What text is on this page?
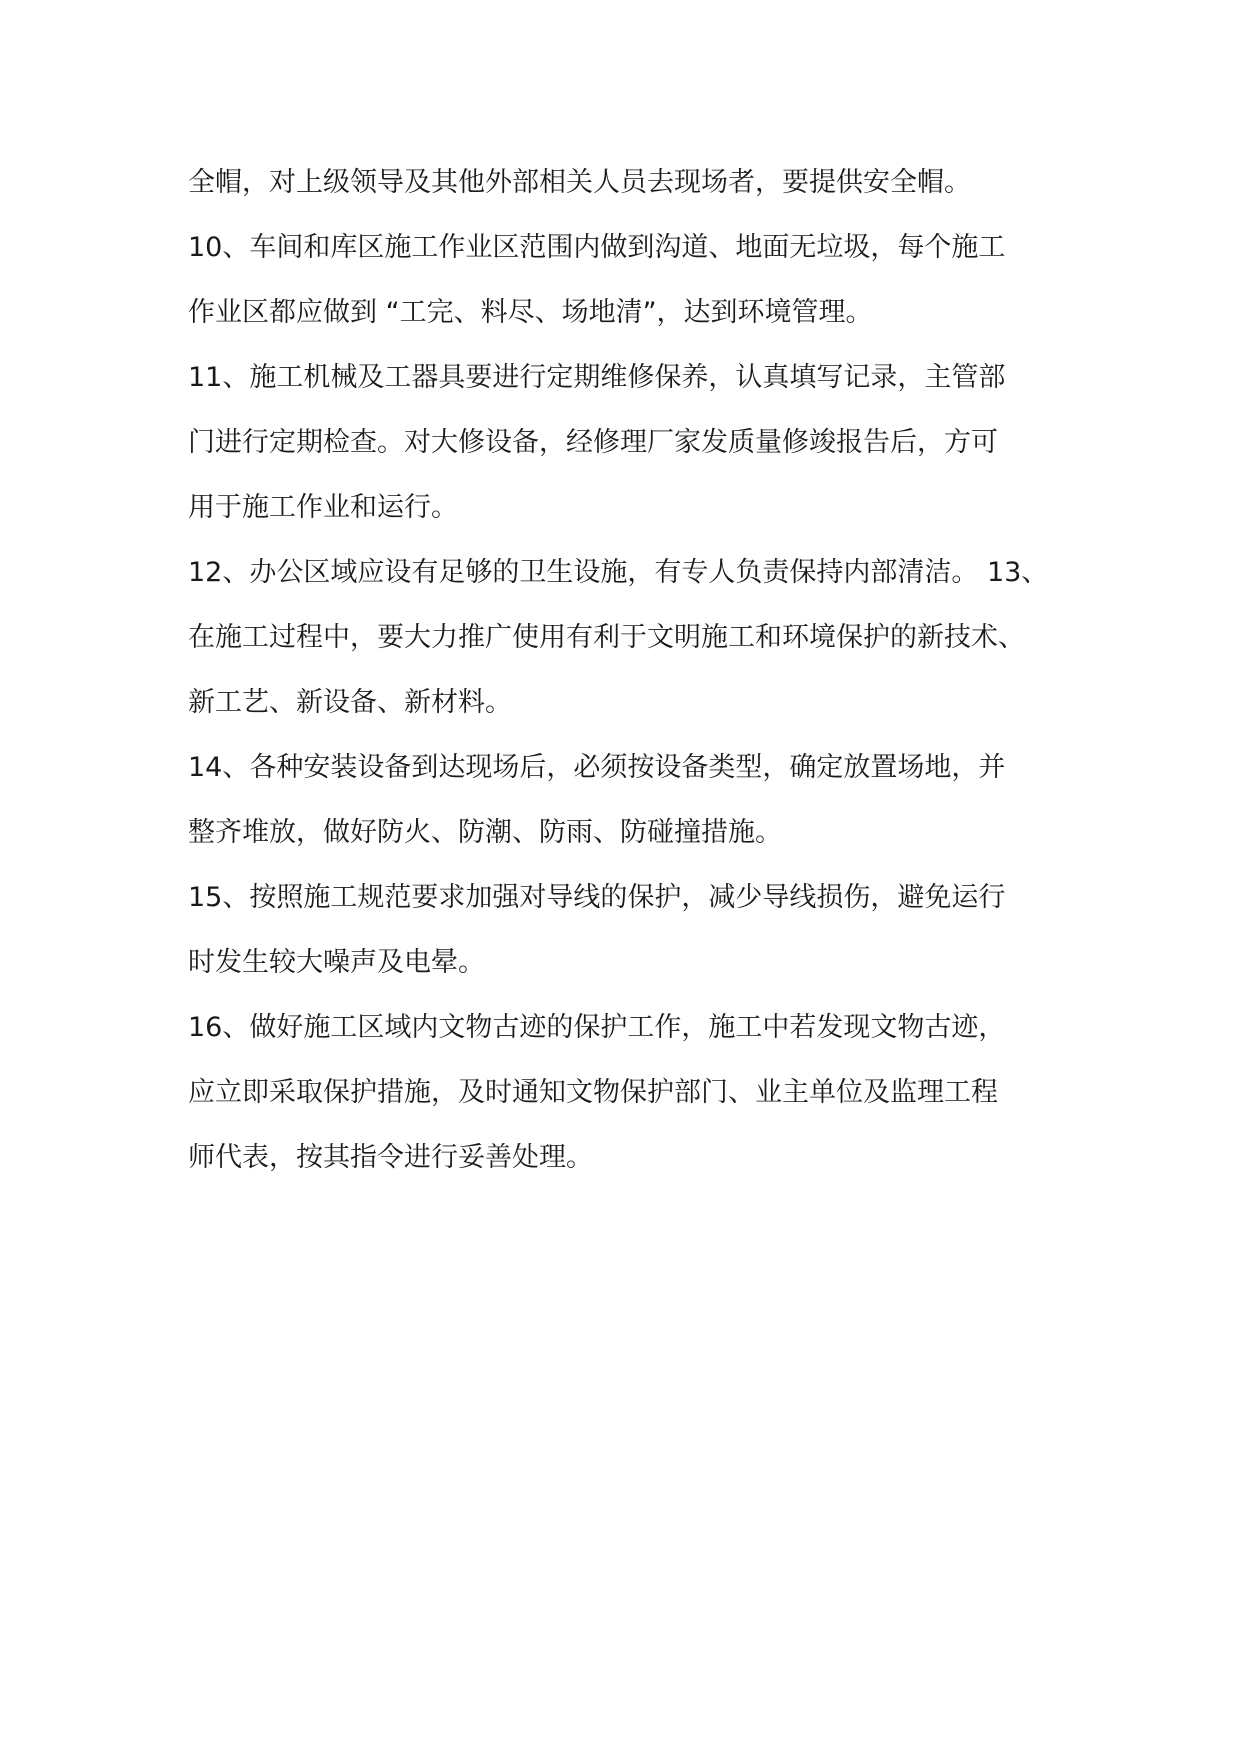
全帽，对上级领导及其他外部相关人员去现场者，要提供安全帽。
10、车间和库区施工作业区范围内做到沟道、地面无垃圾，每个施工
作业区都应做到 “工完、料尽、场地清”，达到环境管理。
11、施工机械及工器具要进行定期维修保养，认真填写记录，主管部
门进行定期检查。对大修设备，经修理厂家发质量修竣报告后，方可
用于施工作业和运行。
12、办公区域应设有足够的卫生设施，有专人负责保持内部清洁。 13、
在施工过程中，要大力推广使用有利于文明施工和环境保护的新技术、
新工艺、新设备、新材料。
14、各种安装设备到达现场后，必须按设备类型，确定放置场地，并
整齐堆放，做好防火、防潮、防雨、防碰撞措施。
15、按照施工规范要求加强对导线的保护，减少导线损伤，避免运行
时发生较大噪声及电晕。
16、做好施工区域内文物古迹的保护工作，施工中若发现文物古迹，
应立即采取保护措施，及时通知文物保护部门、业主单位及监理工程
师代表，按其指令进行妥善处理。
